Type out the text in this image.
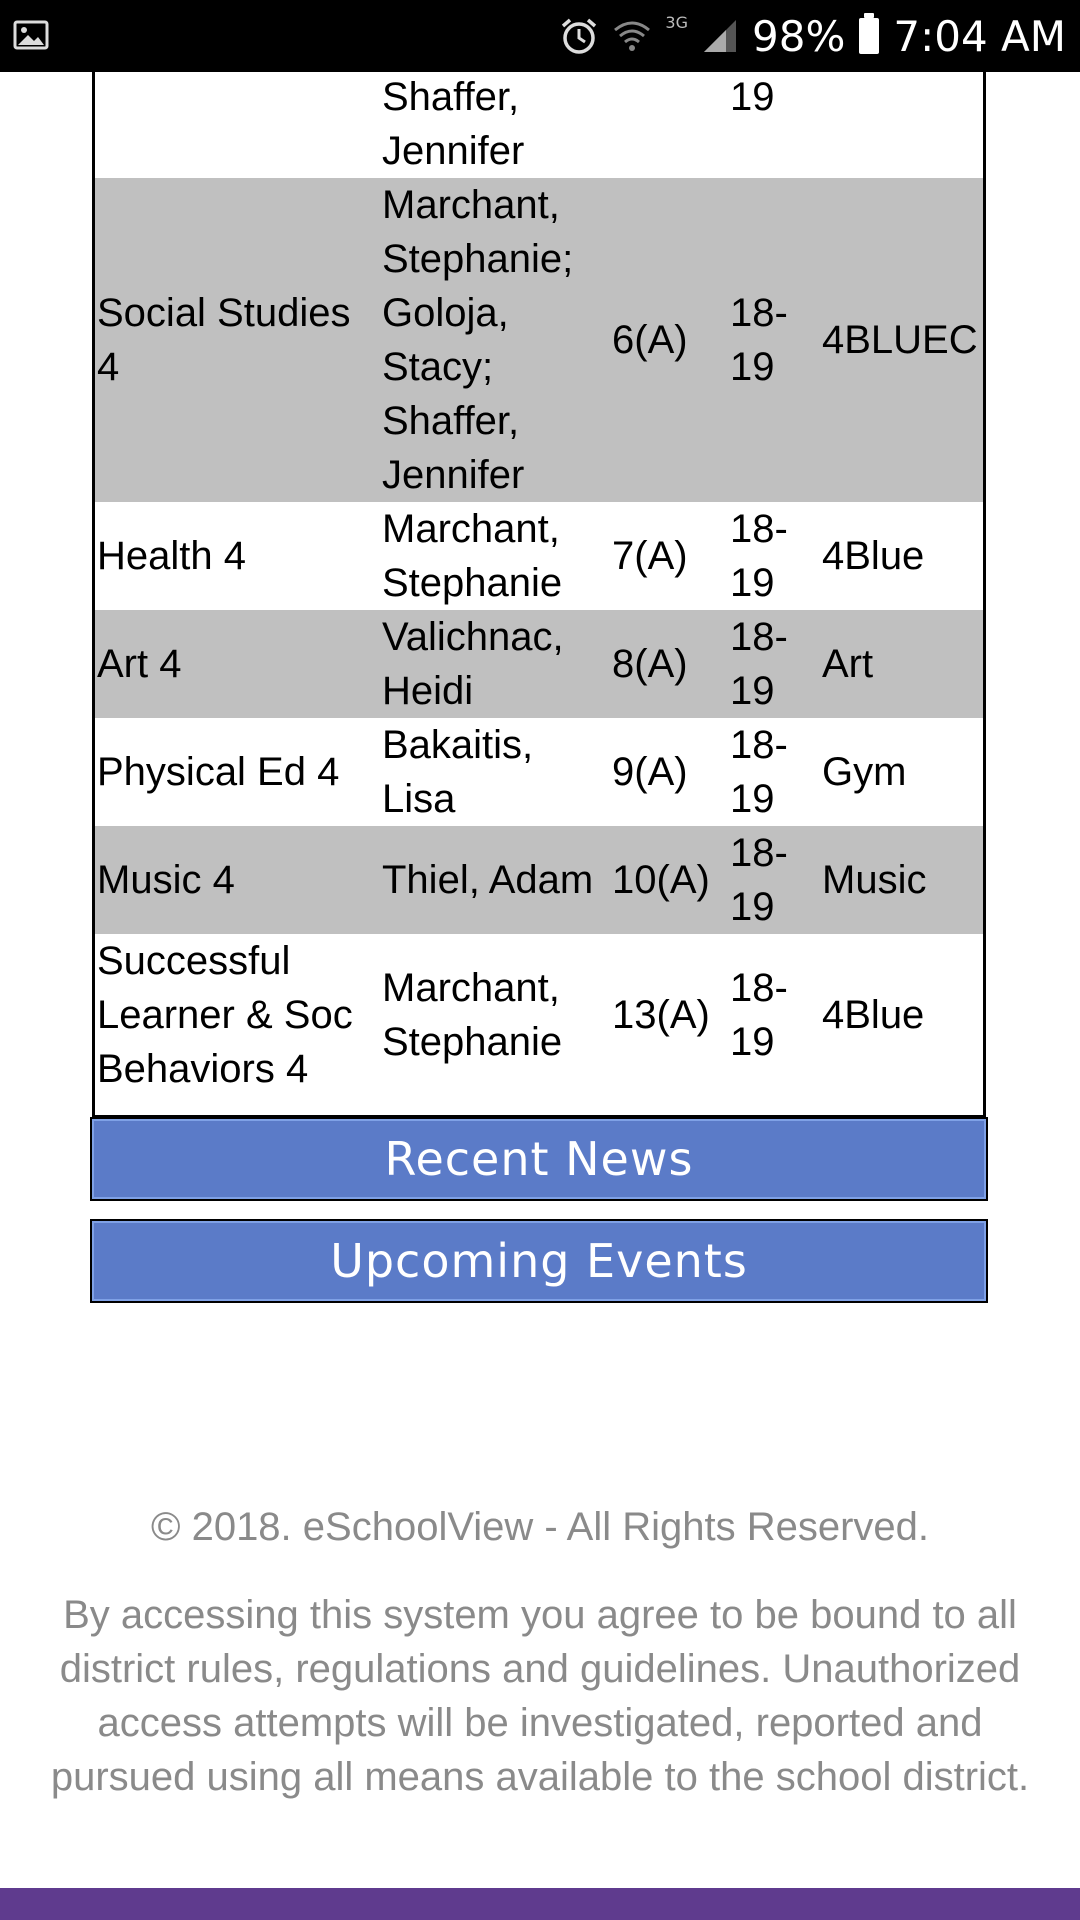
3G 98% 7:04 AM
	Stacy; Shaffer, Jennifer		19	
Social Studies 4	Marchant, Stephanie; Goloja, Stacy; Shaffer, Jennifer	6(A)	18-19	4BLUEC
Health 4	Marchant, Stephanie	7(A)	18-19	4Blue
Art 4	Valichnac, Heidi	8(A)	18-19	Art
Physical Ed 4	Bakaitis, Lisa	9(A)	18-19	Gym
Music 4	Thiel, Adam	10(A)	18-19	Music
Successful Learner & Soc Behaviors 4	Marchant, Stephanie	13(A)	18-19	4Blue
Recent News
Upcoming Events
© 2018. eSchoolView - All Rights Reserved.
By accessing this system you agree to be bound to all district rules, regulations and guidelines. Unauthorized access attempts will be investigated, reported and pursued using all means available to the school district.
